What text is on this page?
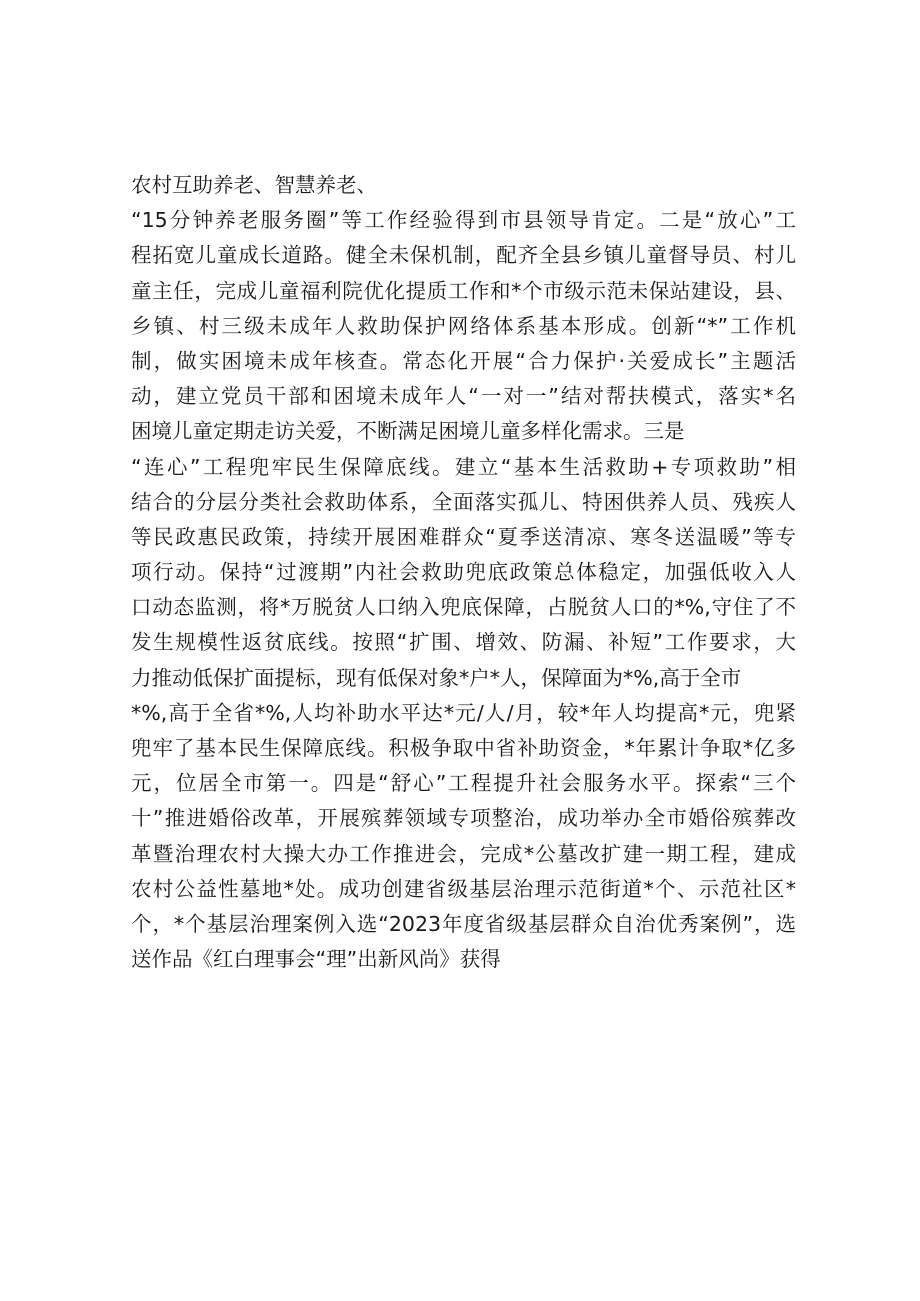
农村互助养老、智慧养老、
“15分钟养老服务圈”等工作经验得到市县领导肯定。二是“放心”工
程拓宽儿童成长道路。健全未保机制，配齐全县乡镇儿童督导员、村儿
童主任，完成儿童福利院优化提质工作和*个市级示范未保站建设，县、
乡镇、村三级未成年人救助保护网络体系基本形成。创新“*”工作机
制，做实困境未成年核查。常态化开展“合力保护·关爱成长”主题活
动，建立党员干部和困境未成年人“一对一”结对帮扶模式，落实*名
困境儿童定期走访关爱，不断满足困境儿童多样化需求。三是
“连心”工程兜牢民生保障底线。建立“基本生活救助+专项救助”相
结合的分层分类社会救助体系，全面落实孤儿、特困供养人员、残疾人
等民政惠民政策，持续开展困难群众“夏季送清凉、寒冬送温暖”等专
项行动。保持“过渡期”内社会救助兜底政策总体稳定，加强低收入人
口动态监测，将*万脱贫人口纳入兜底保障，占脱贫人口的*%,守住了不
发生规模性返贫底线。按照“扩围、增效、防漏、补短”工作要求，大
力推动低保扩面提标，现有低保对象*户*人，保障面为*%,高于全市
*%,高于全省*%,人均补助水平达*元/人/月，较*年人均提高*元，兜紧
兜牢了基本民生保障底线。积极争取中省补助资金，*年累计争取*亿多
元，位居全市第一。四是“舒心”工程提升社会服务水平。探索“三个
十”推进婚俗改革，开展殡葬领域专项整治，成功举办全市婚俗殡葬改
革暨治理农村大操大办工作推进会，完成*公墓改扩建一期工程，建成
农村公益性墓地*处。成功创建省级基层治理示范街道*个、示范社区*
个，*个基层治理案例入选“2023年度省级基层群众自治优秀案例”，选
送作品《红白理事会“理”出新风尚》获得
